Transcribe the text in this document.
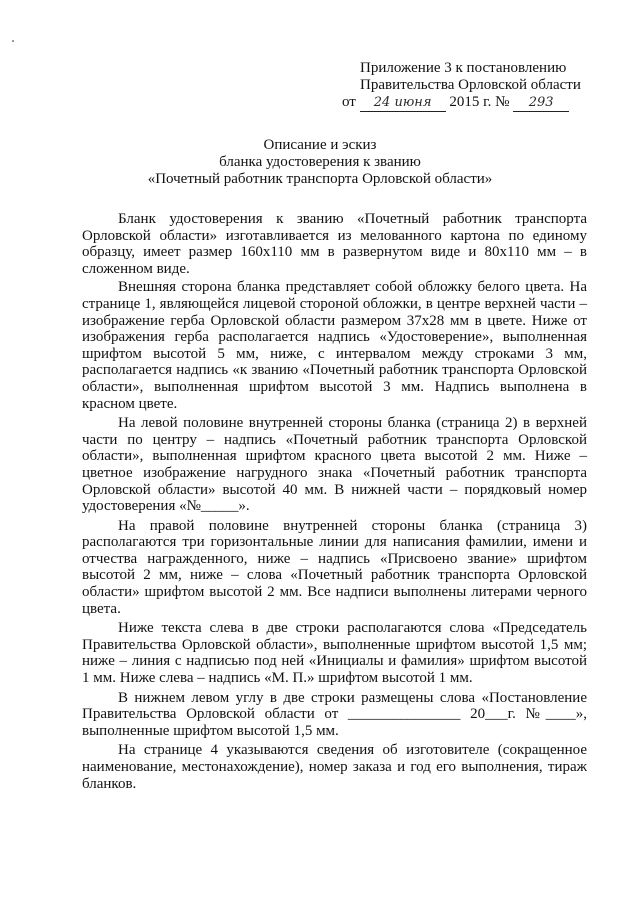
Приложение 3 к постановлению
Правительства Орловской области
от 24 июня 2015 г. № 293
Описание и эскиз
бланка удостоверения к званию
«Почетный работник транспорта Орловской области»

Бланк удостоверения к званию «Почетный работник транспорта Орловской области» изготавливается из мелованного картона по единому образцу, имеет размер 160х110 мм в развернутом виде и 80х110 мм – в сложенном виде.

Внешняя сторона бланка представляет собой обложку белого цвета. На странице 1, являющейся лицевой стороной обложки, в центре верхней части – изображение герба Орловской области размером 37х28 мм в цвете. Ниже от изображения герба располагается надпись «Удостоверение», выполненная шрифтом высотой 5 мм, ниже, с интервалом между строками 3 мм, располагается надпись «к званию «Почетный работник транспорта Орловской области», выполненная шрифтом высотой 3 мм. Надпись выполнена в красном цвете.

На левой половине внутренней стороны бланка (страница 2) в верхней части по центру – надпись «Почетный работник транспорта Орловской области», выполненная шрифтом красного цвета высотой 2 мм. Ниже – цветное изображение нагрудного знака «Почетный работник транспорта Орловской области» высотой 40 мм. В нижней части – порядковый номер удостоверения «№_____».

На правой половине внутренней стороны бланка (страница 3) располагаются три горизонтальные линии для написания фамилии, имени и отчества награжденного, ниже – надпись «Присвоено звание» шрифтом высотой 2 мм, ниже – слова «Почетный работник транспорта Орловской области» шрифтом высотой 2 мм. Все надписи выполнены литерами черного цвета.

Ниже текста слева в две строки располагаются слова «Председатель Правительства Орловской области», выполненные шрифтом высотой 1,5 мм; ниже – линия с надписью под ней «Инициалы и фамилия» шрифтом высотой 1 мм. Ниже слева – надпись «М. П.» шрифтом высотой 1 мм.

В нижнем левом углу в две строки размещены слова «Постановление Правительства Орловской области от _______________ 20___г. №____», выполненные шрифтом высотой 1,5 мм.

На странице 4 указываются сведения об изготовителе (сокращенное наименование, местонахождение), номер заказа и год его выполнения, тираж бланков.
